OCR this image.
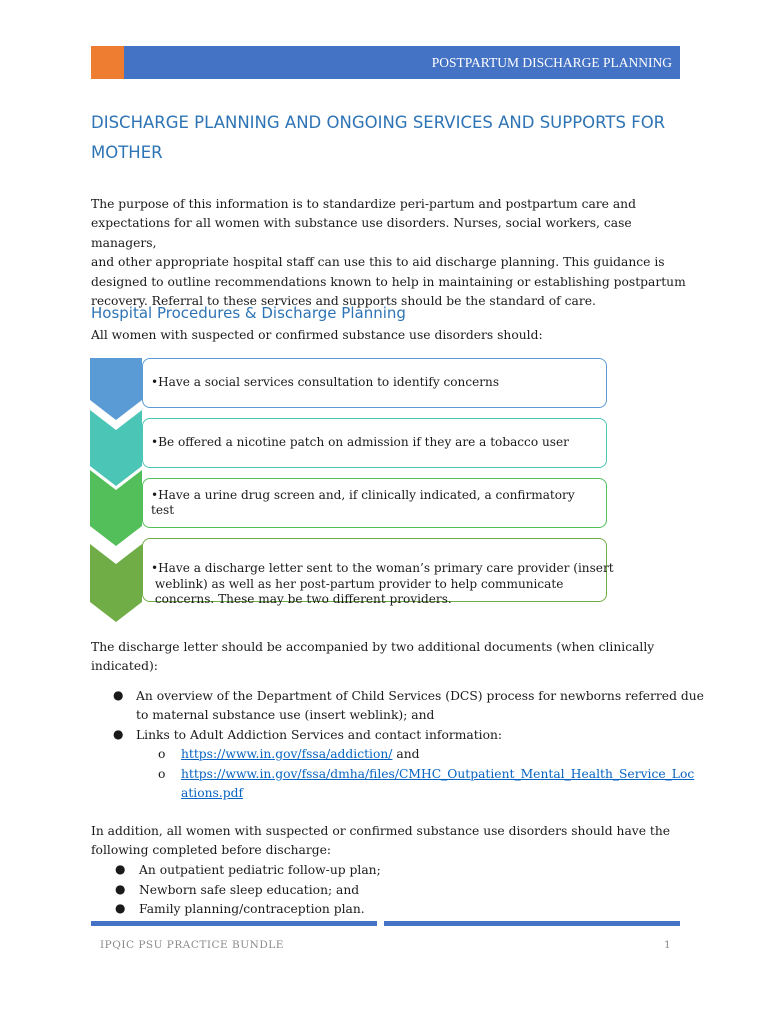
POSTPARTUM DISCHARGE PLANNING
DISCHARGE PLANNING AND ONGOING SERVICES AND SUPPORTS FOR
MOTHER

The purpose of this information is to standardize peri-partum and postpartum care and
expectations for all women with substance use disorders. Nurses, social workers, case managers,
and other appropriate hospital staff can use this to aid discharge planning. This guidance is
designed to outline recommendations known to help in maintaining or establishing postpartum
recovery. Referral to these services and supports should be the standard of care.

Hospital Procedures & Discharge Planning

All women with suspected or confirmed substance use disorders should:

•Have a social services consultation to identify concerns
•Be offered a nicotine patch on admission if they are a tobacco user
•Have a urine drug screen and, if clinically indicated, a confirmatory test

•Have a discharge letter sent to the woman’s primary care provider (insert
weblink) as well as her post-partum provider to help communicate
concerns. These may be two different providers.

The discharge letter should be accompanied by two additional documents (when clinically
indicated):

● An overview of the Department of Child Services (DCS) process for newborns referred due
to maternal substance use (insert weblink); and
● Links to Adult Addiction Services and contact information:
o https://www.in.gov/fssa/addiction/ and
o https://www.in.gov/fssa/dmha/files/CMHC_Outpatient_Mental_Health_Service_Loc
ations.pdf

In addition, all women with suspected or confirmed substance use disorders should have the
following completed before discharge:

● An outpatient pediatric follow-up plan;
● Newborn safe sleep education; and
● Family planning/contraception plan.
IPQIC PSU PRACTICE BUNDLE	1
